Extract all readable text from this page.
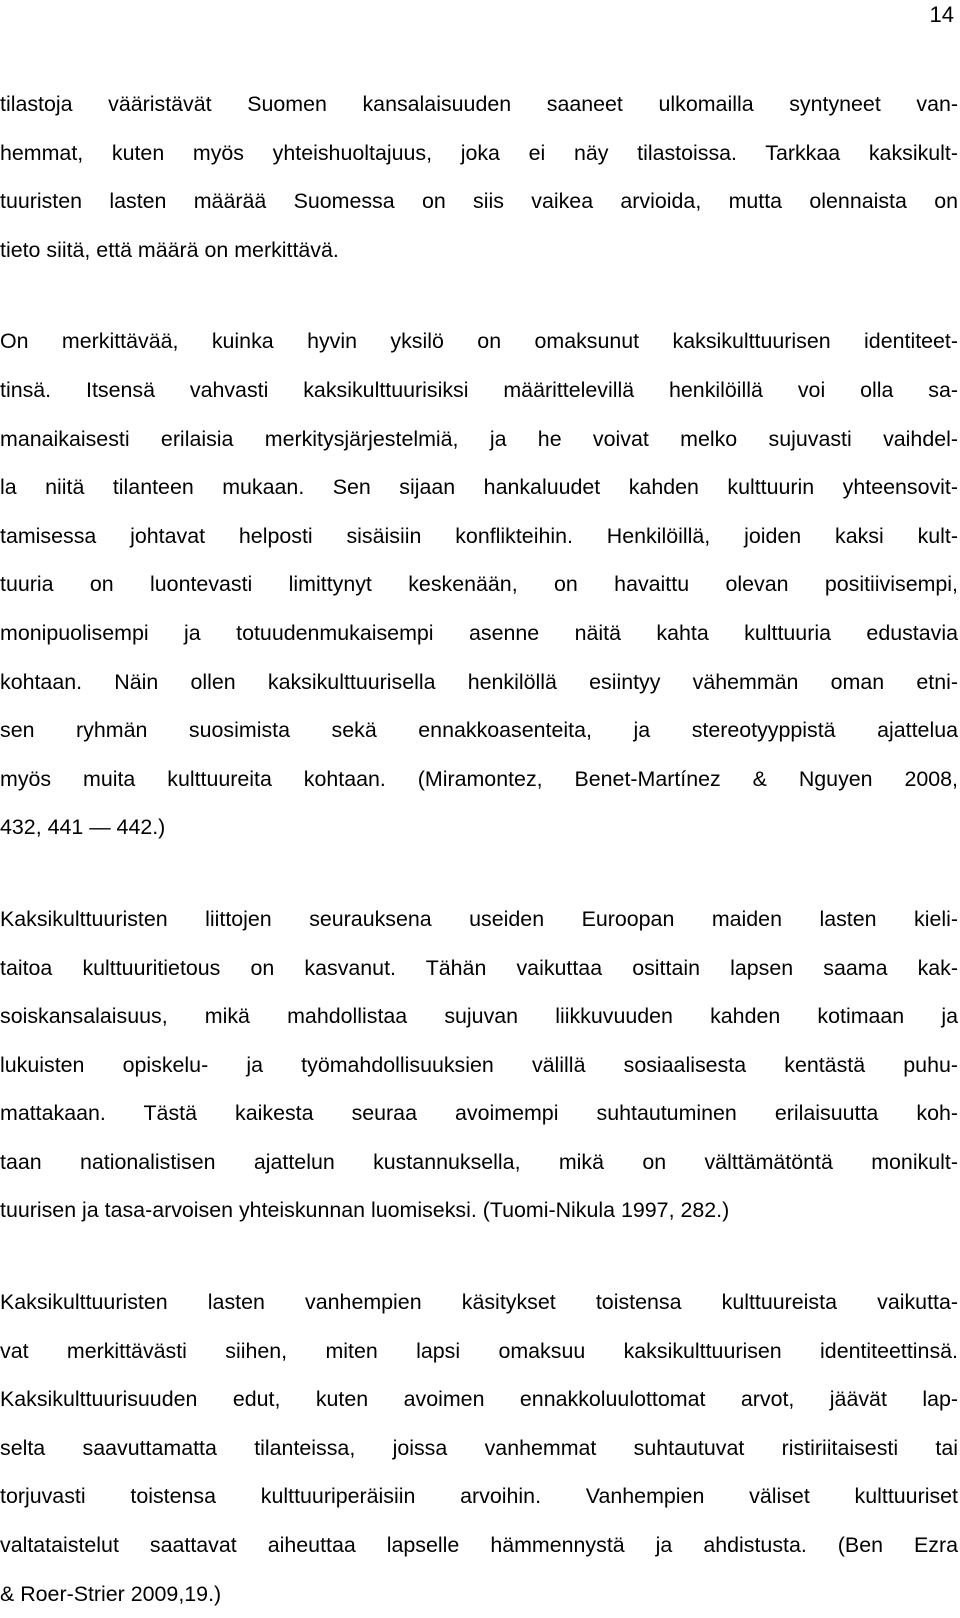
14

tilastoja vääristävät Suomen kansalaisuuden saaneet ulkomailla syntyneet van-
hemmat, kuten myös yhteishuoltajuus, joka ei näy tilastoissa. Tarkkaa kaksikult-
tuuristen lasten määrää Suomessa on siis vaikea arvioida, mutta olennaista on
tieto siitä, että määrä on merkittävä.

On merkittävää, kuinka hyvin yksilö on omaksunut kaksikulttuurisen identiteet-
tinsä. Itsensä vahvasti kaksikulttuurisiksi määrittelevillä henkilöillä voi olla sa-
manaikaisesti erilaisia merkitysjärjestelmiä, ja he voivat melko sujuvasti vaihdel-
la niitä tilanteen mukaan. Sen sijaan hankaluudet kahden kulttuurin yhteensovit-
tamisessa johtavat helposti sisäisiin konflikteihin. Henkilöillä, joiden kaksi kult-
tuuria on luontevasti limittynyt keskenään, on havaittu olevan positiivisempi,
monipuolisempi ja totuudenmukaisempi asenne näitä kahta kulttuuria edustavia
kohtaan. Näin ollen kaksikulttuurisella henkilöllä esiintyy vähemmän oman etni-
sen ryhmän suosimista sekä ennakkoasenteita, ja stereotyyppistä ajattelua
myös muita kulttuureita kohtaan. (Miramontez, Benet-Martínez & Nguyen 2008,
432, 441 — 442.)

Kaksikulttuuristen liittojen seurauksena useiden Euroopan maiden lasten kieli-
taitoa kulttuuritietous on kasvanut. Tähän vaikuttaa osittain lapsen saama kak-
soiskansalaisuus, mikä mahdollistaa sujuvan liikkuvuuden kahden kotimaan ja
lukuisten opiskelu- ja työmahdollisuuksien välillä sosiaalisesta kentästä puhu-
mattakaan. Tästä kaikesta seuraa avoimempi suhtautuminen erilaisuutta koh-
taan nationalistisen ajattelun kustannuksella, mikä on välttämätöntä monikult-
tuurisen ja tasa-arvoisen yhteiskunnan luomiseksi. (Tuomi-Nikula 1997, 282.)

Kaksikulttuuristen lasten vanhempien käsitykset toistensa kulttuureista vaikutta-
vat merkittävästi siihen, miten lapsi omaksuu kaksikulttuurisen identiteettinsä.
Kaksikulttuurisuuden edut, kuten avoimen ennakkoluulottomat arvot, jäävät lap-
selta saavuttamatta tilanteissa, joissa vanhemmat suhtautuvat ristiriitaisesti tai
torjuvasti toistensa kulttuuriperäisiin arvoihin. Vanhempien väliset kulttuuriset
valtataistelut saattavat aiheuttaa lapselle hämmennystä ja ahdistusta. (Ben Ezra
& Roer-Strier 2009,19.)
